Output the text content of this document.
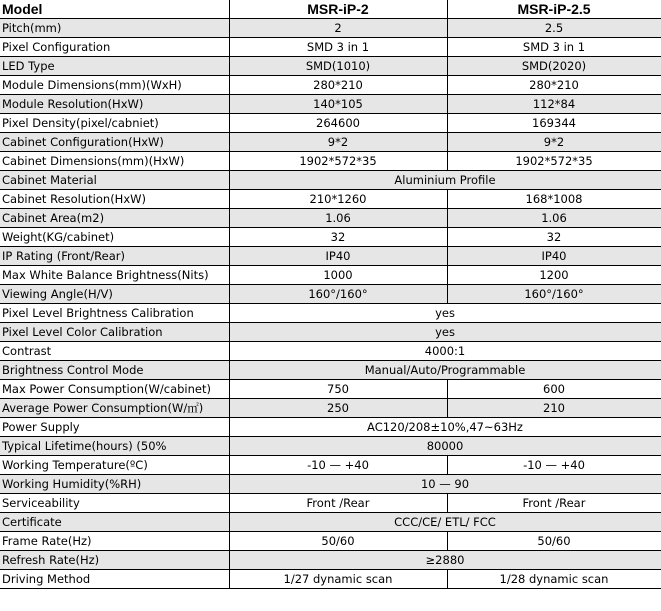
Model	MSR-iP-2	MSR-iP-2.5
Pitch(mm)	2	2.5
Pixel Configuration	SMD 3 in 1	SMD 3 in 1
LED Type	SMD(1010)	SMD(2020)
Module Dimensions(mm)(WxH)	280*210	280*210
Module Resolution(HxW)	140*105	112*84
Pixel Density(pixel/cabniet)	264600	169344
Cabinet Configuration(HxW)	9*2	9*2
Cabinet Dimensions(mm)(HxW)	1902*572*35	1902*572*35
Cabinet Material	Aluminium Profile	
Cabinet Resolution(HxW)	210*1260	168*1008
Cabinet Area(m2)	1.06	1.06
Weight(KG/cabinet)	32	32
IP Rating (Front/Rear)	IP40	IP40
Max White Balance Brightness(Nits)	1000	1200
Viewing Angle(H/V)	160°/160°	160°/160°
Pixel Level Brightness Calibration	yes	
Pixel Level Color Calibration	yes	
Contrast	4000:1	
Brightness Control Mode	Manual/Auto/Programmable	
Max Power Consumption(W/cabinet)	750	600
Average Power Consumption(W/㎡)	250	210
Power Supply	AC120/208±10%,47~63Hz	
Typical Lifetime(hours) (50%	80000	
Working Temperature(ºC)	-10 — +40	-10 — +40
Working Humidity(%RH)	10 — 90	
Serviceability	Front /Rear	Front /Rear
Certificate	CCC/CE/ ETL/ FCC	
Frame Rate(Hz)	50/60	50/60
Refresh Rate(Hz)	≥2880	
Driving Method	1/27 dynamic scan	1/28 dynamic scan
